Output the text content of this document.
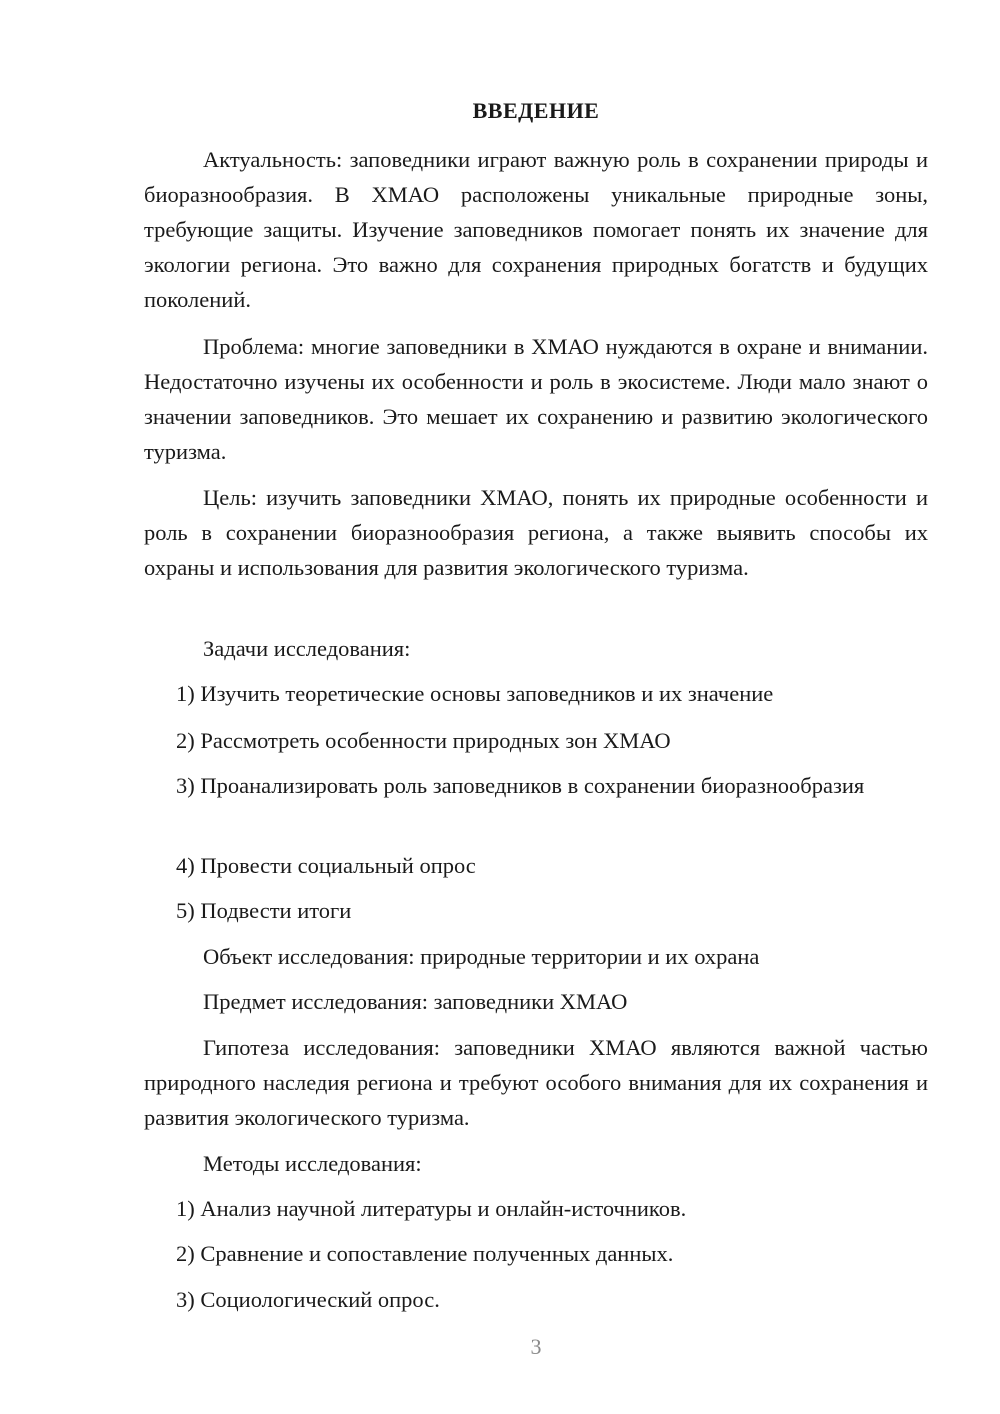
ВВЕДЕНИЕ

Актуальность: заповедники играют важную роль в сохранении природы и биоразнообразия. В ХМАО расположены уникальные природные зоны, требующие защиты. Изучение заповедников помогает понять их значение для экологии региона. Это важно для сохранения природных богатств и будущих поколений.

Проблема: многие заповедники в ХМАО нуждаются в охране и внимании. Недостаточно изучены их особенности и роль в экосистеме. Люди мало знают о значении заповедников. Это мешает их сохранению и развитию экологического туризма.

Цель: изучить заповедники ХМАО, понять их природные особенности и роль в сохранении биоразнообразия региона, а также выявить способы их охраны и использования для развития экологического туризма.

Задачи исследования:

1) Изучить теоретические основы заповедников и их значение

2) Рассмотреть особенности природных зон ХМАО

3) Проанализировать роль заповедников в сохранении биоразнообразия

4) Провести социальный опрос

5) Подвести итоги

Объект исследования: природные территории и их охрана

Предмет исследования: заповедники ХМАО

Гипотеза исследования: заповедники ХМАО являются важной частью природного наследия региона и требуют особого внимания для их сохранения и развития экологического туризма.

Методы исследования:

1) Анализ научной литературы и онлайн-источников.

2) Сравнение и сопоставление полученных данных.

3) Социологический опрос.

3
